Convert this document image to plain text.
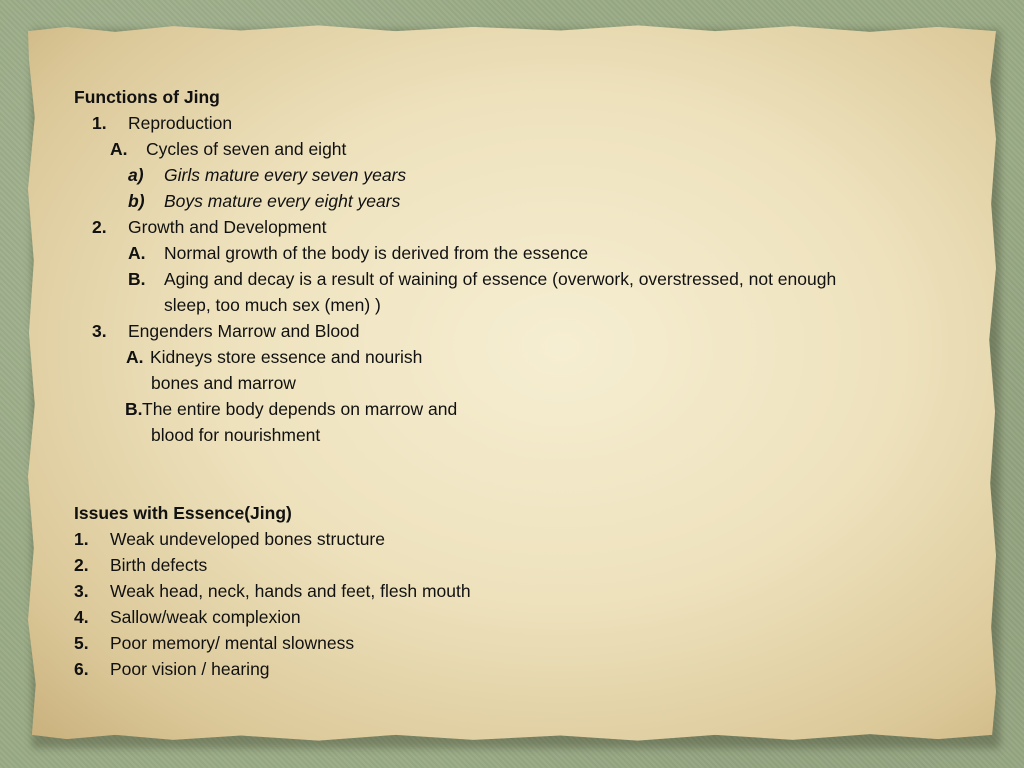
Functions of Jing
1. Reproduction
A. Cycles of seven and eight
a) Girls mature every seven years
b) Boys mature every eight years
2. Growth and Development
A. Normal growth of the body is derived from the essence
B. Aging and decay is a result of waining of essence (overwork, overstressed, not enough
sleep, too much sex (men) )
3. Engenders Marrow and Blood
A. Kidneys store essence and nourish
bones and marrow
B. The entire body depends on marrow and
blood for nourishment
Issues with Essence(Jing)
1. Weak undeveloped bones structure
2. Birth defects
3. Weak head, neck, hands and feet, flesh mouth
4. Sallow/weak complexion
5. Poor memory/ mental slowness
6. Poor vision / hearing
